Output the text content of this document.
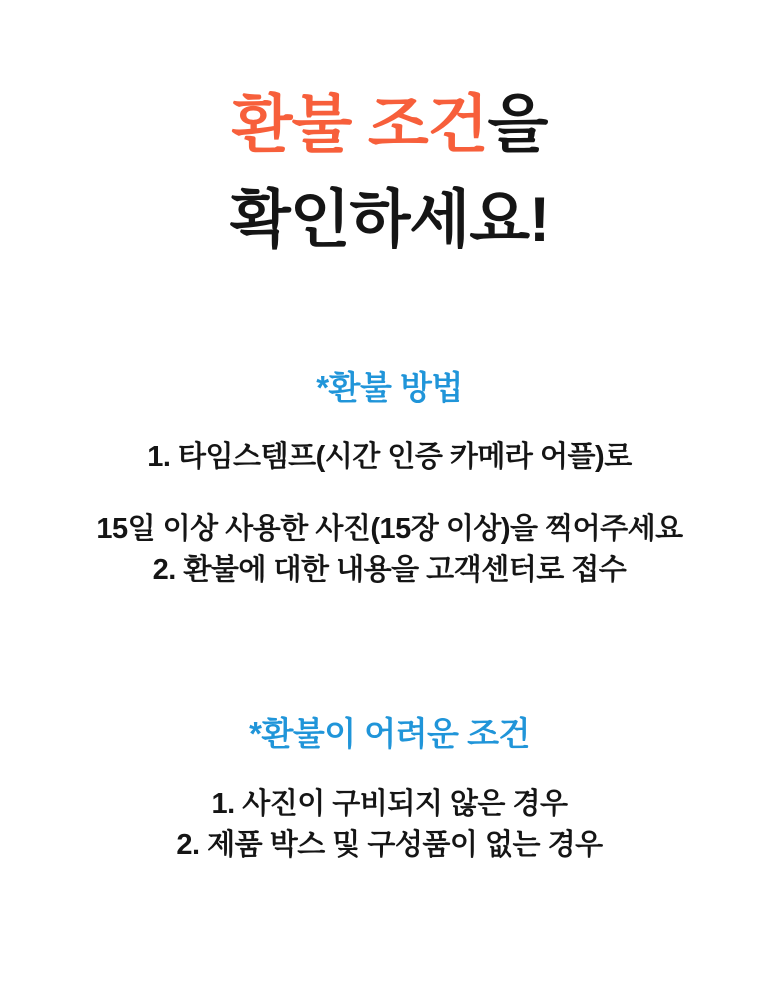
환불 조건을
확인하세요!
*환불 방법
1. 타임스템프(시간 인증 카메라 어플)로
15일 이상 사용한 사진(15장 이상)을 찍어주세요
2. 환불에 대한 내용을 고객센터로 접수
*환불이 어려운 조건
1. 사진이 구비되지 않은 경우
2. 제품 박스 및 구성품이 없는 경우
